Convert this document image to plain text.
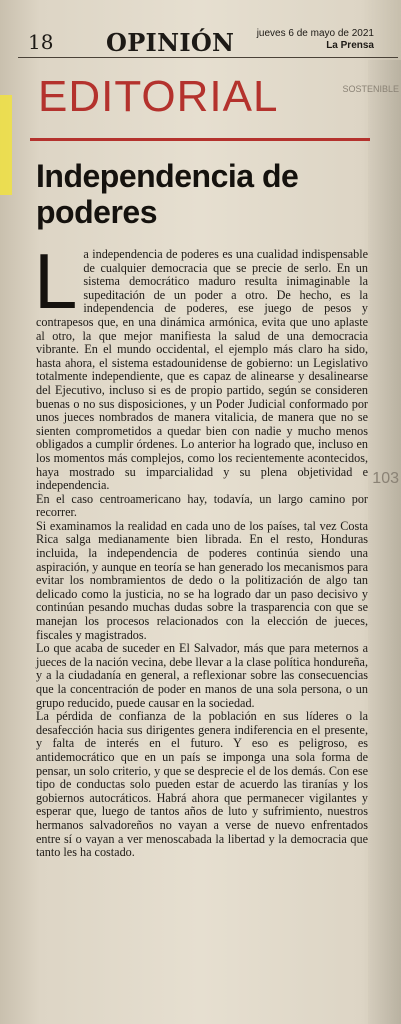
18 OPINIÓN jueves 6 de mayo de 2021
La Prensa
SOSTENIBLE
103
EDITORIAL
Independencia de poderes

La independencia de poderes es una cualidad indispensable de cualquier democracia que se precie de serlo. En un sistema democrático maduro resulta inimaginable la supeditación de un poder a otro. De hecho, es la independencia de poderes, ese juego de pesos y contrapesos que, en una dinámica armónica, evita que uno aplaste al otro, la que mejor manifiesta la salud de una democracia vibrante. En el mundo occidental, el ejemplo más claro ha sido, hasta ahora, el sistema estadounidense de gobierno: un Legislativo totalmente independiente, que es capaz de alinearse y desalinearse del Ejecutivo, incluso si es de propio partido, según se consideren buenas o no sus disposiciones, y un Poder Judicial conformado por unos jueces nombrados de manera vitalicia, de manera que no se sienten comprometidos a quedar bien con nadie y mucho menos obligados a cumplir órdenes. Lo anterior ha logrado que, incluso en los momentos más complejos, como los recientemente acontecidos, haya mostrado su imparcialidad y su plena objetividad e independencia.

En el caso centroamericano hay, todavía, un largo camino por recorrer.

Si examinamos la realidad en cada uno de los países, tal vez Costa Rica salga medianamente bien librada. En el resto, Honduras incluida, la independencia de poderes continúa siendo una aspiración, y aunque en teoría se han generado los mecanismos para evitar los nombramientos de dedo o la politización de algo tan delicado como la justicia, no se ha logrado dar un paso decisivo y continúan pesando muchas dudas sobre la trasparencia con que se manejan los procesos relacionados con la elección de jueces, fiscales y magistrados.

Lo que acaba de suceder en El Salvador, más que para meternos a jueces de la nación vecina, debe llevar a la clase política hondureña, y a la ciudadanía en general, a reflexionar sobre las consecuencias que la concentración de poder en manos de una sola persona, o un grupo reducido, puede causar en la sociedad.

La pérdida de confianza de la población en sus líderes o la desafección hacia sus dirigentes genera indiferencia en el presente, y falta de interés en el futuro. Y eso es peligroso, es antidemocrático que en un país se imponga una sola forma de pensar, un solo criterio, y que se desprecie el de los demás. Con ese tipo de conductas solo pueden estar de acuerdo las tiranías y los gobiernos autocráticos. Habrá ahora que permanecer vigilantes y esperar que, luego de tantos años de luto y sufrimiento, nuestros hermanos salvadoreños no vayan a verse de nuevo enfrentados entre sí o vayan a ver menoscabada la libertad y la democracia que tanto les ha costado.
